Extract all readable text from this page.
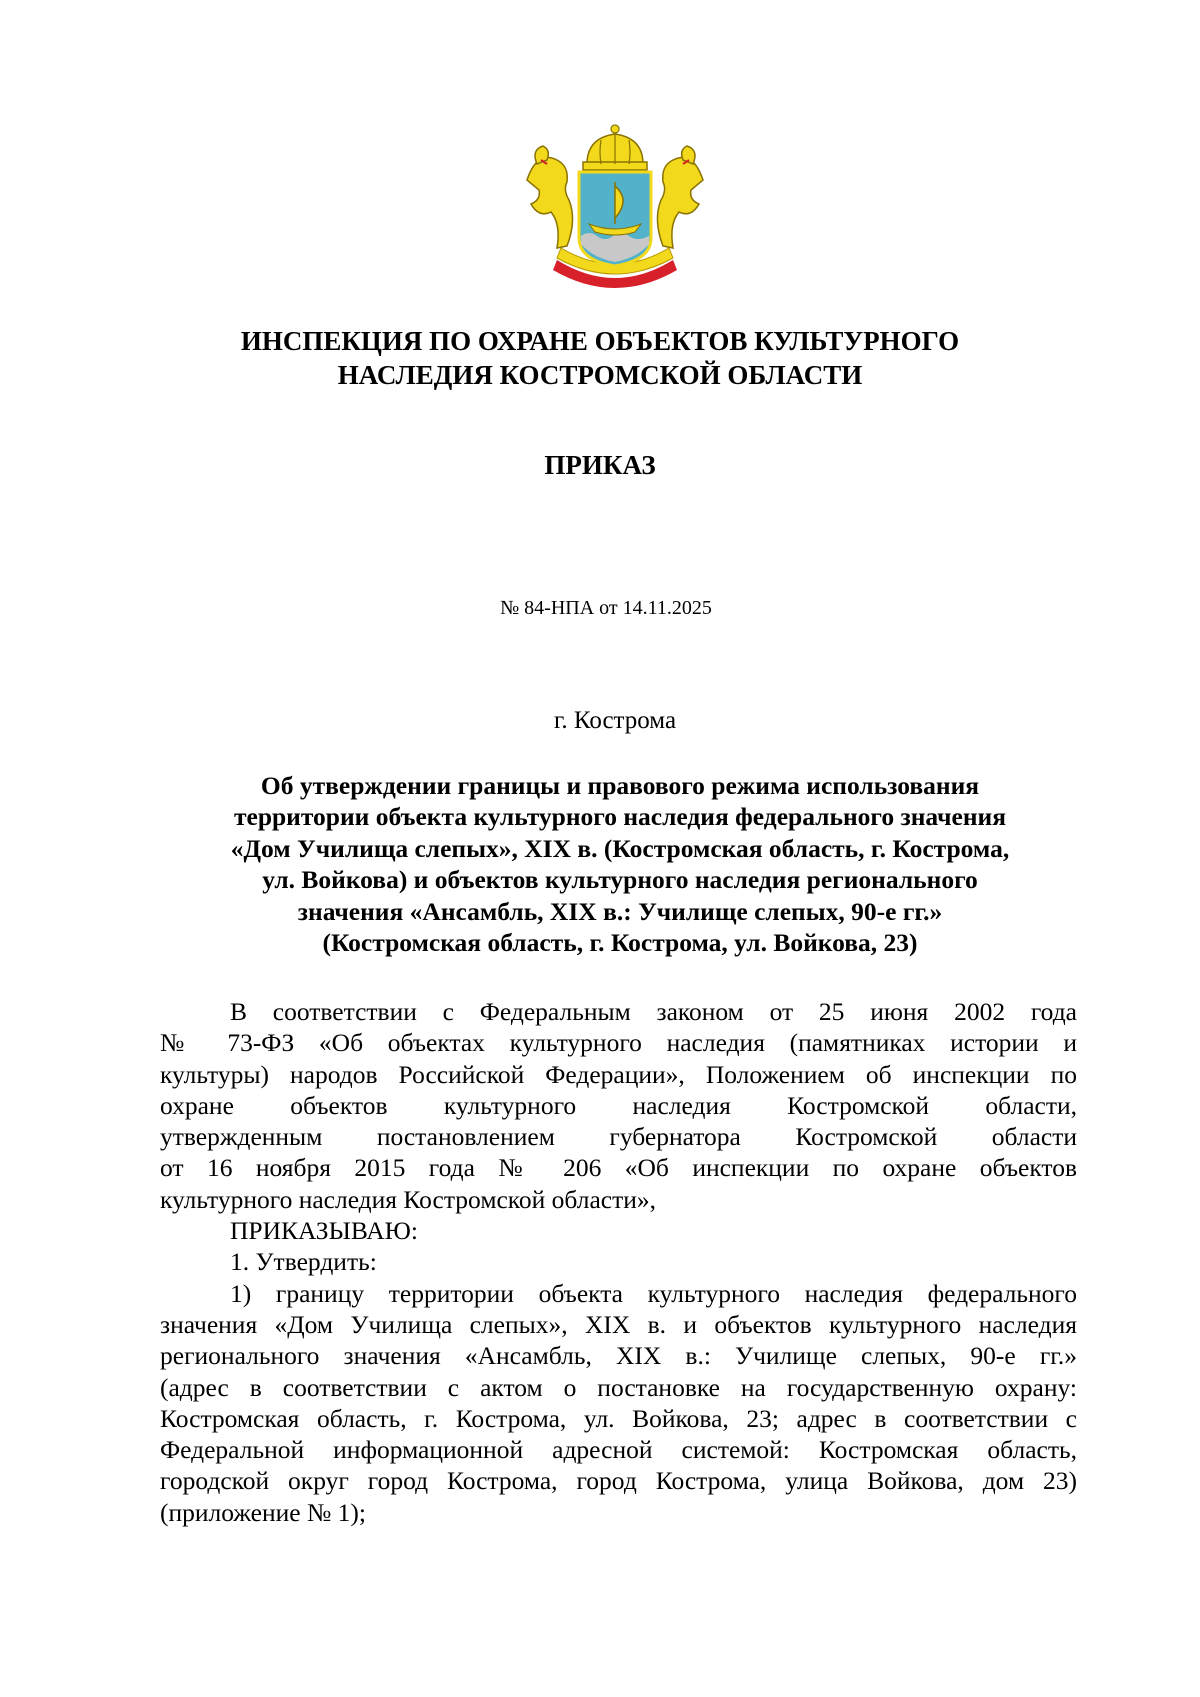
ИНСПЕКЦИЯ ПО ОХРАНЕ ОБЪЕКТОВ КУЛЬТУРНОГО
НАСЛЕДИЯ КОСТРОМСКОЙ ОБЛАСТИ
ПРИКАЗ
№ 84-НПА от 14.11.2025
г. Кострома
Об утверждении границы и правового режима использования
территории объекта культурного наследия федерального значения
«Дом Училища слепых», XIX в. (Костромская область, г. Кострома,
ул. Войкова) и объектов культурного наследия регионального
значения «Ансамбль, XIX в.: Училище слепых, 90-е гг.»
(Костромская область, г. Кострома, ул. Войкова, 23)
В соответствии с Федеральным законом от 25 июня 2002 года
№ 73-ФЗ «Об объектах культурного наследия (памятниках истории и
культуры) народов Российской Федерации», Положением об инспекции по
охране объектов культурного наследия Костромской области,
утвержденным постановлением губернатора Костромской области
от 16 ноября 2015 года № 206 «Об инспекции по охране объектов
культурного наследия Костромской области»,
ПРИКАЗЫВАЮ:
1. Утвердить:
1) границу территории объекта культурного наследия федерального
значения «Дом Училища слепых», XIX в. и объектов культурного наследия
регионального значения «Ансамбль, XIX в.: Училище слепых, 90-е гг.»
(адрес в соответствии с актом о постановке на государственную охрану:
Костромская область, г. Кострома, ул. Войкова, 23; адрес в соответствии с
Федеральной информационной адресной системой: Костромская область,
городской округ город Кострома, город Кострома, улица Войкова, дом 23)
(приложение № 1);
